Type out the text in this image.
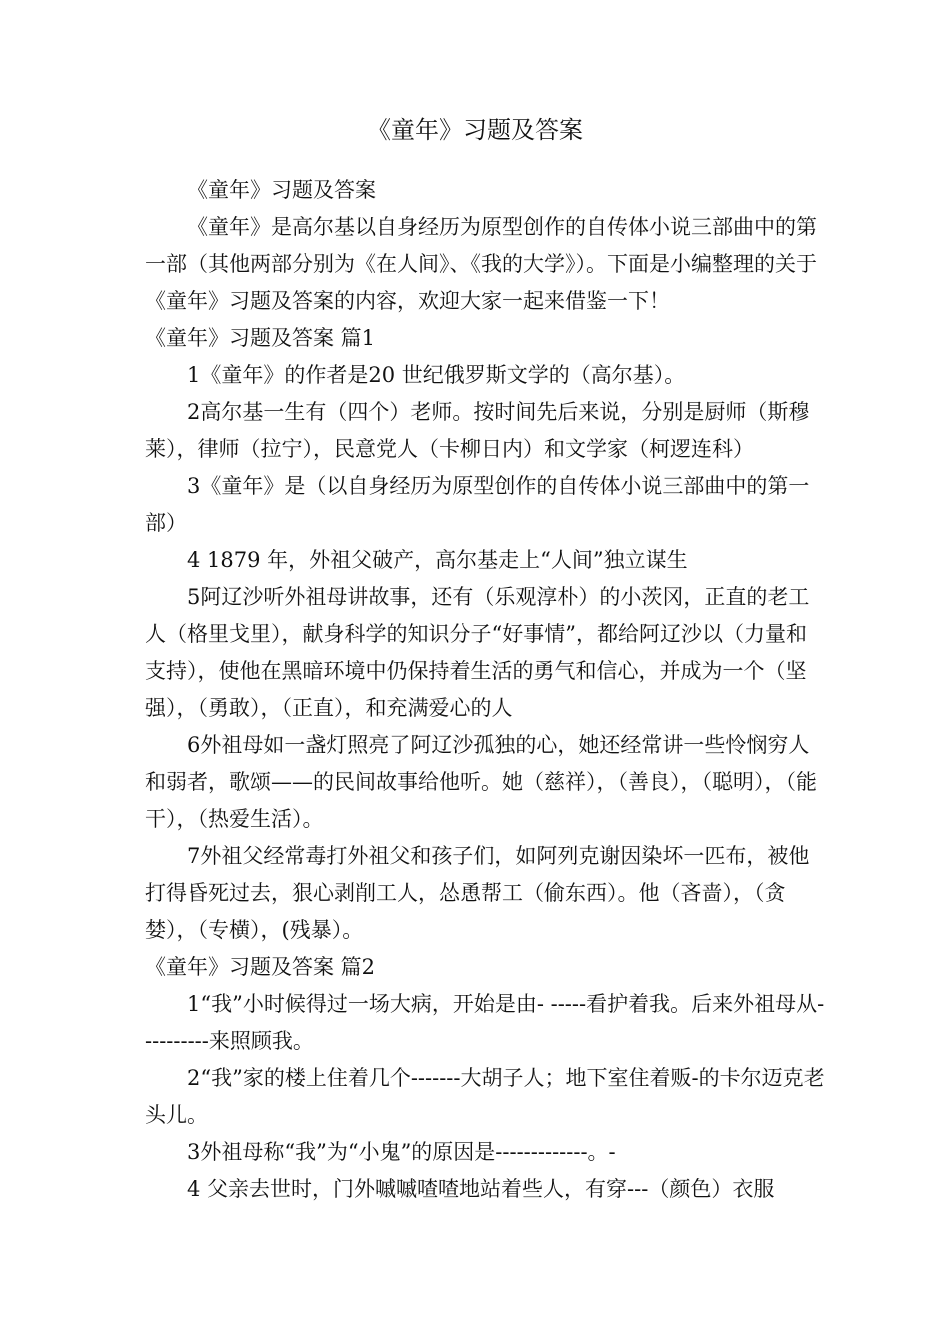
《童年》习题及答案

《童年》习题及答案

《童年》是高尔基以自身经历为原型创作的自传体小说三部曲中的第一部（其他两部分别为《在人间》、《我的大学》）。下面是小编整理的关于《童年》习题及答案的内容，欢迎大家一起来借鉴一下！

《童年》习题及答案 篇1

1《童年》的作者是20 世纪俄罗斯文学的（高尔基）。

2高尔基一生有（四个）老师。按时间先后来说，分别是厨师（斯穆莱），律师（拉宁），民意党人（卡柳日内）和文学家（柯逻连科）

3《童年》是（以自身经历为原型创作的自传体小说三部曲中的第一部）

4 1879 年，外祖父破产，高尔基走上“人间”独立谋生

5阿辽沙听外祖母讲故事，还有（乐观淳朴）的小茨冈，正直的老工人（格里戈里），献身科学的知识分子“好事情”，都给阿辽沙以（力量和支持），使他在黑暗环境中仍保持着生活的勇气和信心，并成为一个（坚强），（勇敢），（正直），和充满爱心的人

6外祖母如一盏灯照亮了阿辽沙孤独的心，她还经常讲一些怜悯穷人和弱者，歌颂——的民间故事给他听。她（慈祥），（善良），（聪明），（能干），（热爱生活）。

7外祖父经常毒打外祖父和孩子们，如阿列克谢因染坏一匹布，被他打得昏死过去，狠心剥削工人，怂恿帮工（偷东西）。他（吝啬），（贪婪），（专横），(残暴）。

《童年》习题及答案 篇2

1“我”小时候得过一场大病，开始是由- -----看护着我。后来外祖母从----------来照顾我。

2“我”家的楼上住着几个-------大胡子人；地下室住着贩-的卡尔迈克老头儿。

3外祖母称“我”为“小鬼”的原因是-------------。-

4 父亲去世时，门外嘁嘁喳喳地站着些人，有穿---（颜色）衣服
